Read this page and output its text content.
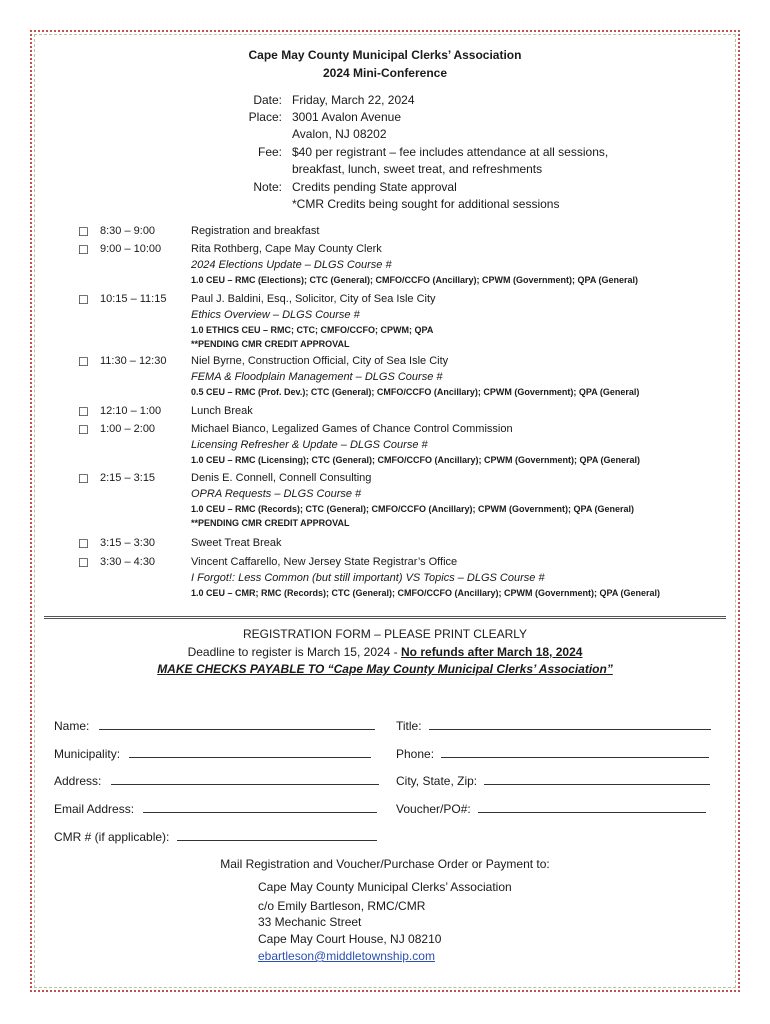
Cape May County Municipal Clerks’ Association
2024 Mini-Conference
Date: Friday, March 22, 2024
Place: 3001 Avalon Avenue
Avalon, NJ 08202
Fee: $40 per registrant – fee includes attendance at all sessions,
breakfast, lunch, sweet treat, and refreshments
Note: Credits pending State approval
*CMR Credits being sought for additional sessions
☐ 8:30 – 9:00	Registration and breakfast
☐ 9:00 – 10:00	Rita Rothberg, Cape May County Clerk
2024 Elections Update – DLGS Course #
1.0 CEU – RMC (Elections); CTC (General); CMFO/CCFO (Ancillary); CPWM (Government); QPA (General)
☐ 10:15 – 11:15 Paul J. Baldini, Esq., Solicitor, City of Sea Isle City
Ethics Overview – DLGS Course #
1.0 ETHICS CEU – RMC; CTC; CMFO/CCFO; CPWM; QPA
**PENDING CMR CREDIT APPROVAL
☐ 11:30 – 12:30 Niel Byrne, Construction Official, City of Sea Isle City
FEMA & Floodplain Management – DLGS Course #
0.5 CEU – RMC (Prof. Dev.); CTC (General); CMFO/CCFO (Ancillary); CPWM (Government); QPA (General)
☐ 12:10 – 1:00	Lunch Break
☐ 1:00 – 2:00	Michael Bianco, Legalized Games of Chance Control Commission
Licensing Refresher & Update – DLGS Course #
1.0 CEU – RMC (Licensing); CTC (General); CMFO/CCFO (Ancillary); CPWM (Government); QPA (General)
☐ 2:15 – 3:15	Denis E. Connell, Connell Consulting
OPRA Requests – DLGS Course #
1.0 CEU – RMC (Records); CTC (General); CMFO/CCFO (Ancillary); CPWM (Government); QPA (General)
**PENDING CMR CREDIT APPROVAL
☐ 3:15 – 3:30	Sweet Treat Break
☐ 3:30 – 4:30	Vincent Caffarello, New Jersey State Registrar’s Office
I Forgot!: Less Common (but still important) VS Topics – DLGS Course #
1.0 CEU – CMR; RMC (Records); CTC (General); CMFO/CCFO (Ancillary); CPWM (Government); QPA (General)
REGISTRATION FORM – PLEASE PRINT CLEARLY
Deadline to register is March 15, 2024 - No refunds after March 18, 2024
MAKE CHECKS PAYABLE TO “Cape May County Municipal Clerks’ Association”
Name:	Title:
Municipality:	Phone:
Address:	City, State, Zip:
Email Address:	Voucher/PO#:
CMR # (if applicable):
Mail Registration and Voucher/Purchase Order or Payment to:
Cape May County Municipal Clerks’ Association
c/o Emily Bartleson, RMC/CMR
33 Mechanic Street
Cape May Court House, NJ 08210
ebartleson@middletownship.com
